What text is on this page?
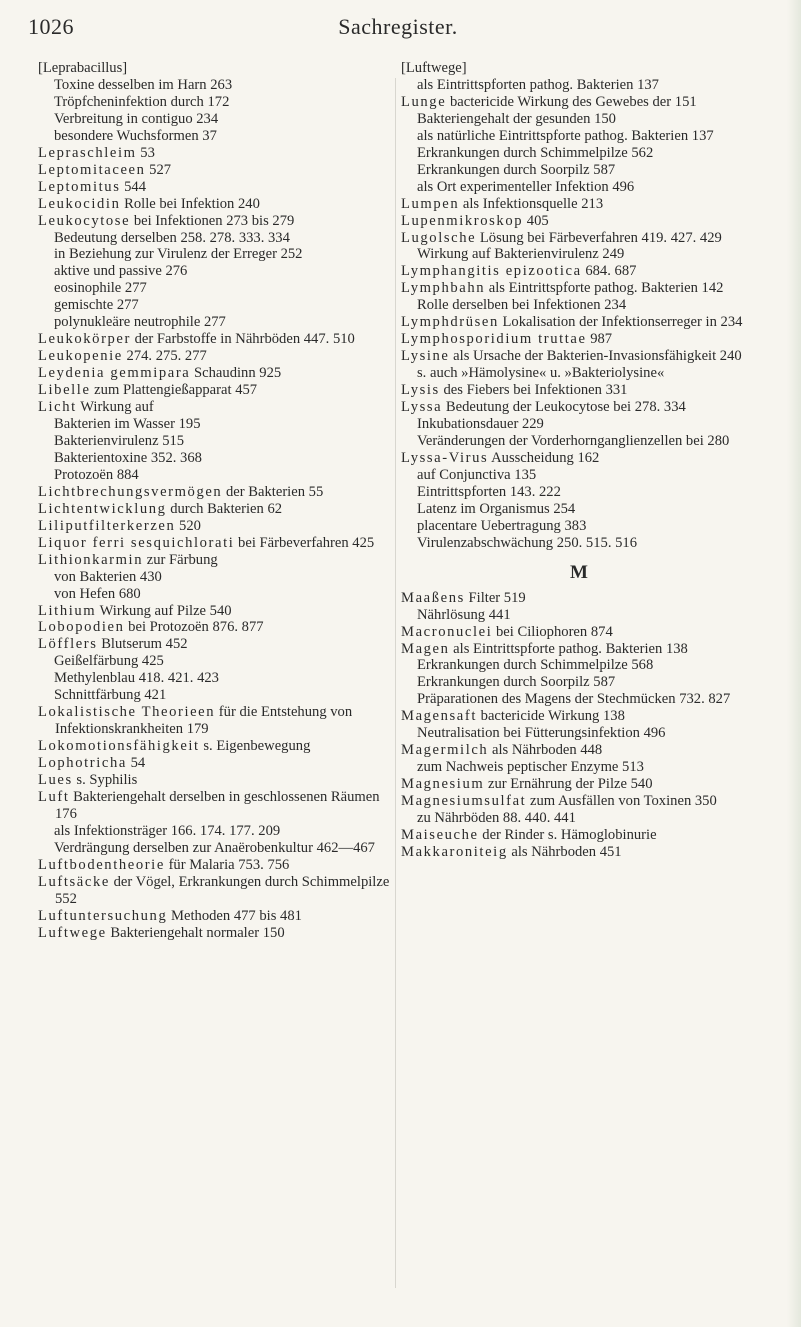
1026	Sachregister.
[Leprabacillus]
Toxine desselben im Harn 263
Tröpfcheninfektion durch 172
Verbreitung in contiguo 234
besondere Wuchsformen 37
Lepraschleim 53
Leptomitaceen 527
Leptomitus 544
Leukocidin Rolle bei Infektion 240
Leukocytose bei Infektionen 273 bis 279
Bedeutung derselben 258. 278. 333. 334
in Beziehung zur Virulenz der Erreger 252
aktive und passive 276
eosinophile 277
gemischte 277
polynukleäre neutrophile 277
Leukokörper der Farbstoffe in Nährböden 447. 510
Leukopenie 274. 275. 277
Leydenia gemmipara Schaudinn 925
Libelle zum Plattengießapparat 457
Licht Wirkung auf
Bakterien im Wasser 195
Bakterienvirulenz 515
Bakterientoxine 352. 368
Protozoën 884
Lichtbrechungsvermögen der Bakterien 55
Lichtentwicklung durch Bakterien 62
Liliputfilterkerzen 520
Liquor ferri sesquichlorati bei Färbeverfahren 425
Lithionkarmin zur Färbung
von Bakterien 430
von Hefen 680
Lithium Wirkung auf Pilze 540
Lobopodien bei Protozoën 876. 877
Löfflers Blutserum 452
Geißelfärbung 425
Methylenblau 418. 421. 423
Schnittfärbung 421
Lokalistische Theorieen für die Entstehung von Infektionskrankheiten 179
Lokomotionsfähigkeit s. Eigenbewegung
Lophotricha 54
Lues s. Syphilis
Luft Bakteriengehalt derselben in geschlossenen Räumen 176
als Infektionsträger 166. 174. 177. 209
Verdrängung derselben zur Anaërobenkultur 462—467
Luftbodentheorie für Malaria 753. 756
Luftsäcke der Vögel, Erkrankungen durch Schimmelpilze 552
Luftuntersuchung Methoden 477 bis 481
Luftwege Bakteriengehalt normaler 150
[Luftwege]
als Eintrittspforten pathog. Bakterien 137
Lunge bactericide Wirkung des Gewebes der 151
Bakteriengehalt der gesunden 150
als natürliche Eintrittspforte pathog. Bakterien 137
Erkrankungen durch Schimmelpilze 562
Erkrankungen durch Soorpilz 587
als Ort experimenteller Infektion 496
Lumpen als Infektionsquelle 213
Lupenmikroskop 405
Lugolsche Lösung bei Färbeverfahren 419. 427. 429
Wirkung auf Bakterienvirulenz 249
Lymphangitis epizootica 684. 687
Lymphbahn als Eintrittspforte pathog. Bakterien 142
Rolle derselben bei Infektionen 234
Lymphdrüsen Lokalisation der Infektionserreger in 234
Lymphosporidium truttae 987
Lysine als Ursache der Bakterien-Invasionsfähigkeit 240
s. auch »Hämolysine« u. »Bakteriolysine«
Lysis des Fiebers bei Infektionen 331
Lyssa Bedeutung der Leukocytose bei 278. 334
Inkubationsdauer 229
Veränderungen der Vorderhornganglienzellen bei 280
Lyssa-Virus Ausscheidung 162
auf Conjunctiva 135
Eintrittspforten 143. 222
Latenz im Organismus 254
placentare Uebertragung 383
Virulenzabschwächung 250. 515. 516
M
Maaßens Filter 519
Nährlösung 441
Macronuclei bei Ciliophoren 874
Magen als Eintrittspforte pathog. Bakterien 138
Erkrankungen durch Schimmelpilze 568
Erkrankungen durch Soorpilz 587
Präparationen des Magens der Stechmücken 732. 827
Magensaft bactericide Wirkung 138
Neutralisation bei Fütterungsinfektion 496
Magermilch als Nährboden 448
zum Nachweis peptischer Enzyme 513
Magnesium zur Ernährung der Pilze 540
Magnesiumsulfat zum Ausfällen von Toxinen 350
zu Nährböden 88. 440. 441
Maiseuche der Rinder s. Hämoglobinurie
Makkaroniteig als Nährboden 451
